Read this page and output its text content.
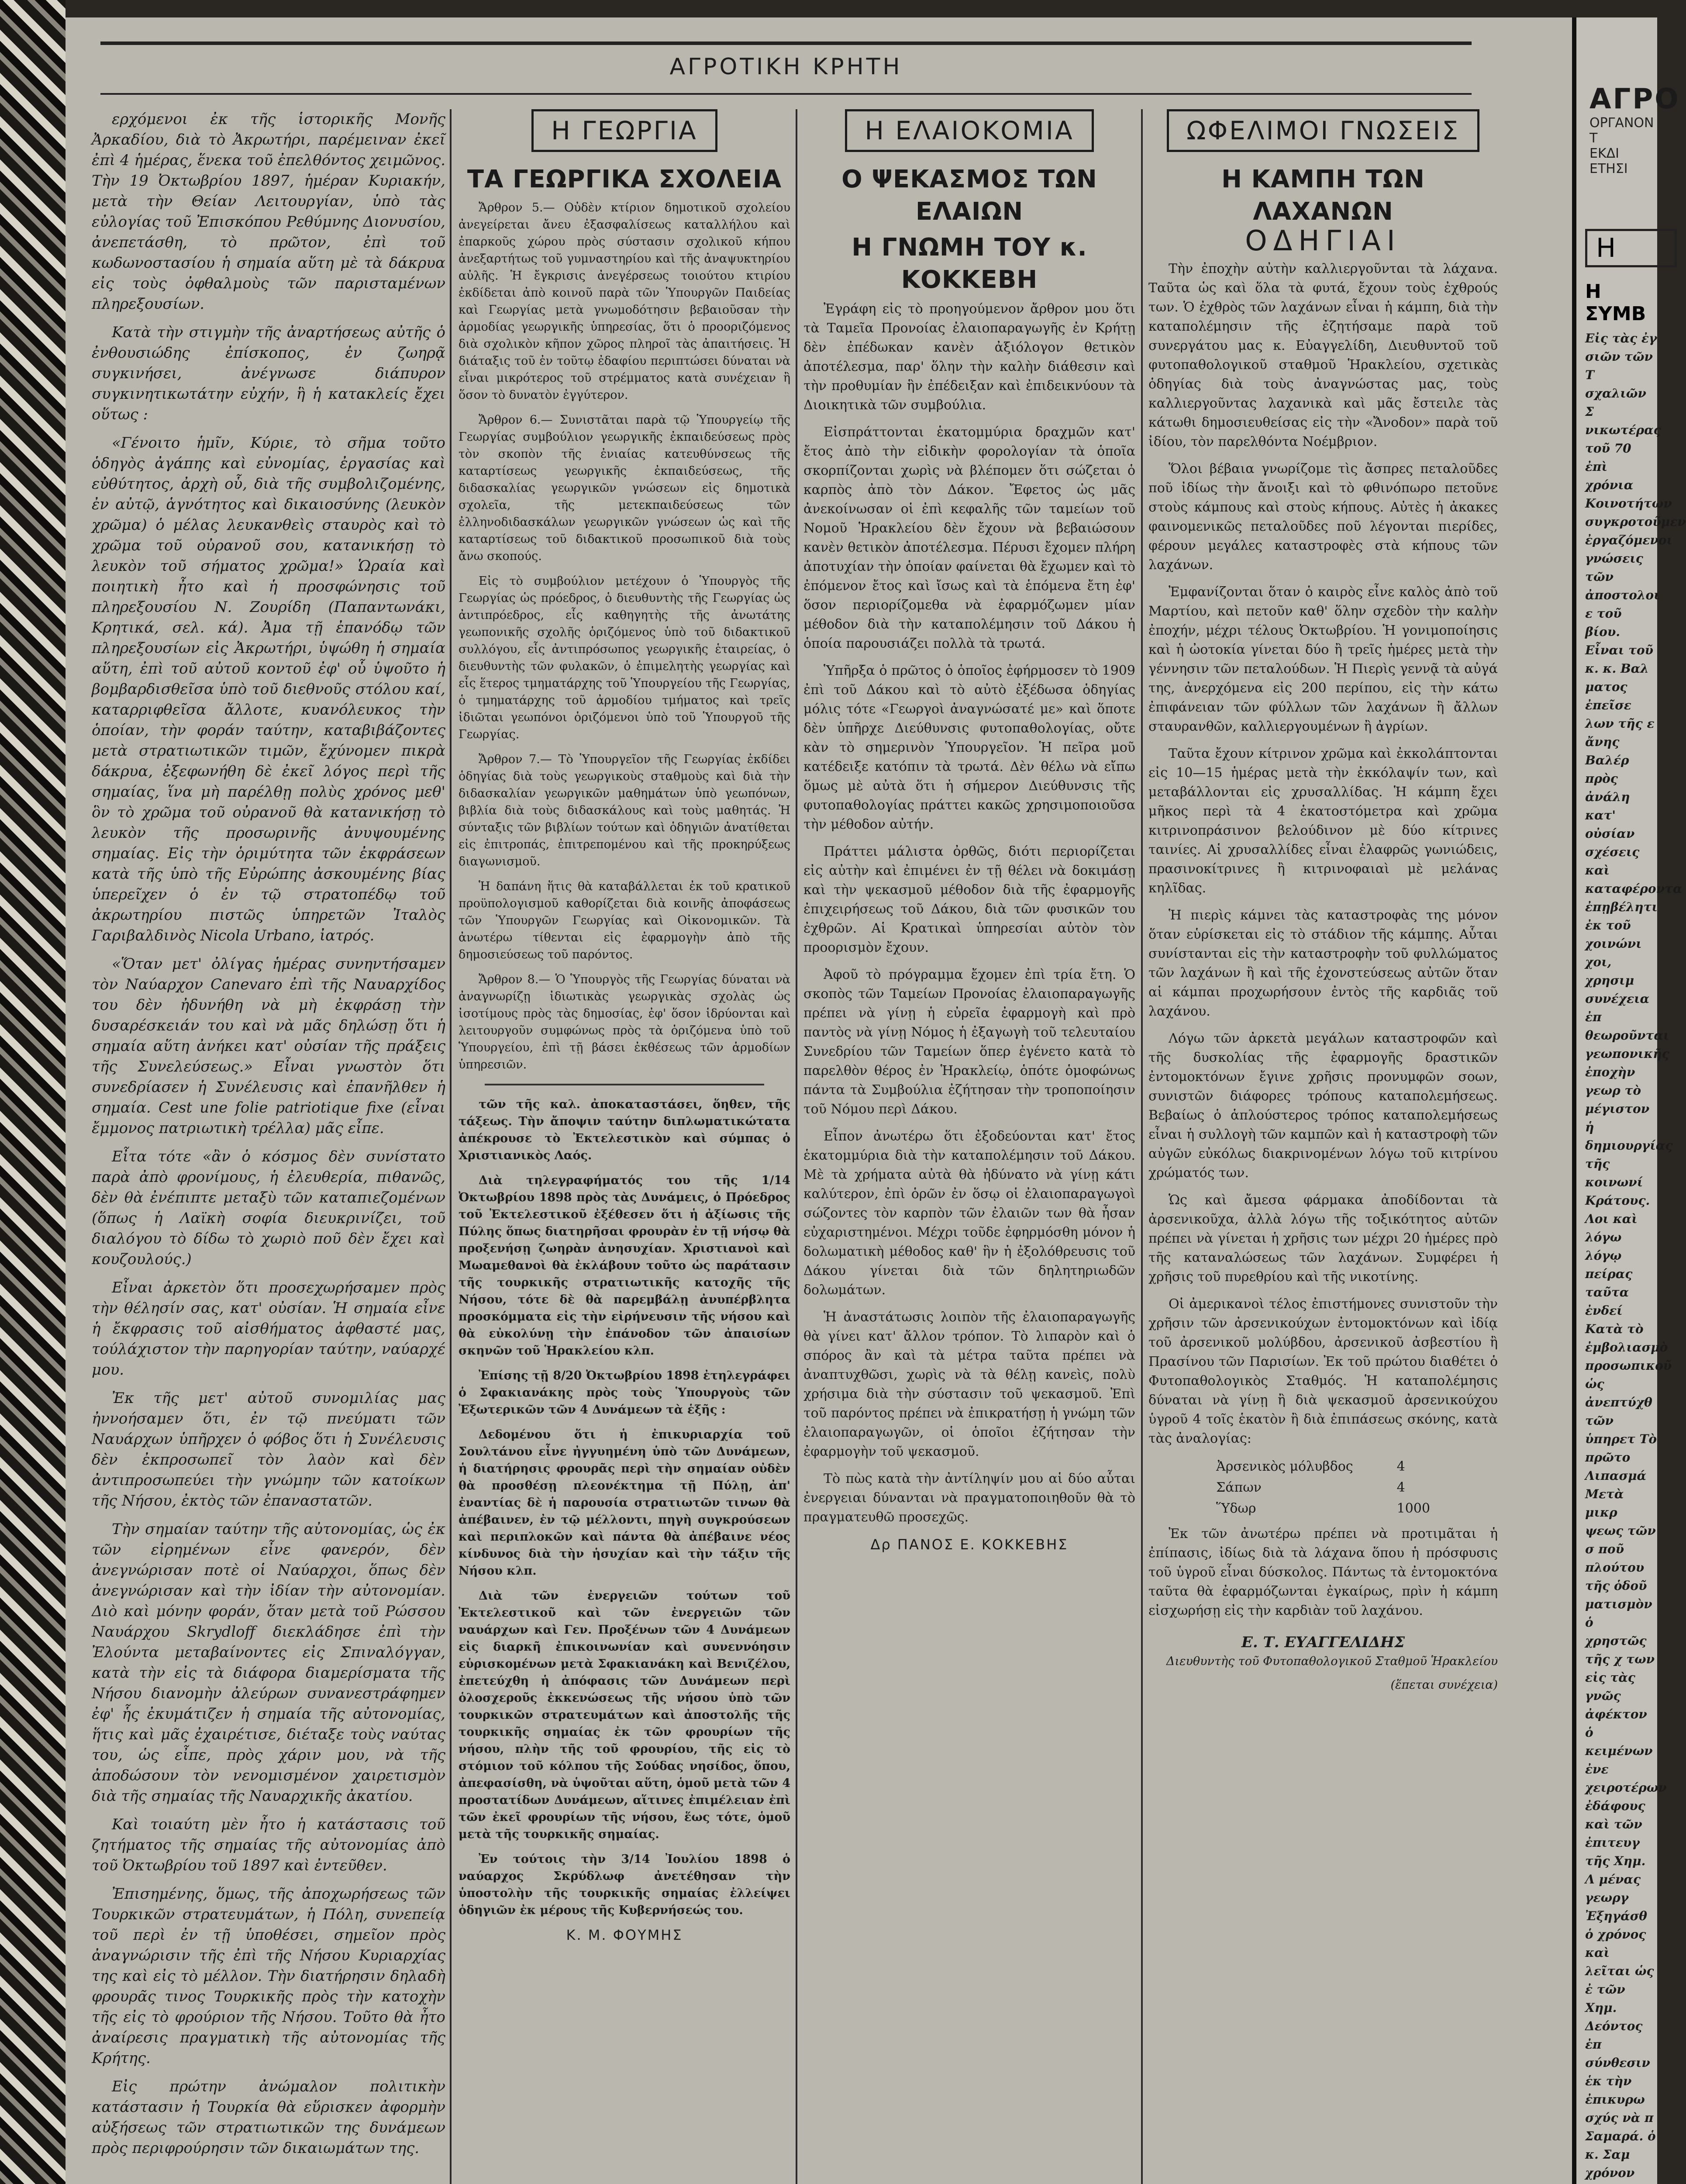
ΑΓΡΟΤΙΚΗ ΚΡΗΤΗ

ερχόμενοι ἐκ τῆς ἱστορικῆς Μονῆς Ἀρκαδίου, διὰ τὸ Ἀκρωτήρι, παρέμειναν ἐκεῖ ἐπὶ 4 ἡμέρας, ἕνεκα τοῦ ἐπελθόντος χειμῶνος. Τὴν 19 Ὀκτωβρίου 1897, ἡμέραν Κυριακήν, μετὰ τὴν Θείαν Λειτουργίαν, ὑπὸ τὰς εὐλογίας τοῦ Ἐπισκόπου Ρεθύμνης Διονυσίου, ἀνεπετάσθη, τὸ πρῶτον, ἐπὶ τοῦ κωδωνοστασίου ἡ σημαία αὕτη μὲ τὰ δάκρυα εἰς τοὺς ὀφθαλμοὺς τῶν παρισταμένων πληρεξουσίων.

Κατὰ τὴν στιγμὴν τῆς ἀναρτήσεως αὐτῆς ὁ ἐνθουσιώδης ἐπίσκοπος, ἐν ζωηρᾷ συγκινήσει, ἀνέγνωσε διάπυρον συγκινητικωτάτην εὐχήν, ἣ ἡ κατακλείς ἔχει οὕτως :

«Γένοιτο ἡμῖν, Κύριε, τὸ σῆμα τοῦτο ὁδηγὸς ἀγάπης καὶ εὐνομίας, ἐργασίας καὶ εὐθύτητος, ἀρχὴ οὗ, διὰ τῆς συμβολιζομένης, ἐν αὐτῷ, ἁγνότητος καὶ δικαιοσύνης (λευκὸν χρῶμα) ὁ μέλας λευκανθεὶς σταυρὸς καὶ τὸ χρῶμα τοῦ οὐρανοῦ σου, κατανικήσῃ τὸ λευκὸν τοῦ σήματος χρῶμα!» Ὡραία καὶ ποιητικὴ ἦτο καὶ ἡ προσφώνησις τοῦ πληρεξουσίου Ν. Ζουρίδη (Παπαντωνάκι, Κρητικά, σελ. κά). Ἀμα τῇ ἐπανόδῳ τῶν πληρεξουσίων εἰς Ἀκρωτήρι, ὑψώθη ἡ σημαία αὕτη, ἐπὶ τοῦ αὐτοῦ κοντοῦ ἐφ' οὗ ὑψοῦτο ἡ βομβαρδισθεῖσα ὑπὸ τοῦ διεθνοῦς στόλου καί, καταρριφθεῖσα ἄλλοτε, κυανόλευκος τὴν ὁποίαν, τὴν φοράν ταύτην, καταβιβάζοντες μετὰ στρατιωτικῶν τιμῶν, ἔχύνομεν πικρὰ δάκρυα, ἐξεφωνήθη δὲ ἐκεῖ λόγος περὶ τῆς σημαίας, ἵνα μὴ παρέλθῃ πολὺς χρόνος μεθ' ὃν τὸ χρῶμα τοῦ οὐρανοῦ θὰ κατανικήσῃ τὸ λευκὸν τῆς προσωρινῆς ἀνυψουμένης σημαίας. Εἰς τὴν ὁριμύτητα τῶν ἐκφράσεων κατὰ τῆς ὑπὸ τῆς Εὐρώπης ἀσκουμένης βίας ὑπερεῖχεν ὁ ἐν τῷ στρατοπέδῳ τοῦ ἀκρωτηρίου πιστῶς ὑπηρετῶν Ἰταλὸς Γαριβαλδινὸς Nicola Urbano, ἰατρός.

«Ὅταν μετ' ὀλίγας ἡμέρας συνηντήσαμεν τὸν Ναύαρχον Canevaro ἐπὶ τῆς Ναυαρχίδος του δὲν ἠδυνήθη νὰ μὴ ἐκφράσῃ τὴν δυσαρέσκειάν του καὶ νὰ μᾶς δηλώσῃ ὅτι ἡ σημαία αὕτη ἀνήκει κατ' οὐσίαν τῆς πράξεις τῆς Συνελεύσεως.» Εἶναι γνωστὸν ὅτι συνεδρίασεν ἡ Συνέλευσις καὶ ἐπανῆλθεν ἡ σημαία. Cest une folie patriotique fixe (εἶναι ἔμμονος πατριωτικὴ τρέλλα) μᾶς εἶπε.

Εἶτα τότε «ἂν ὁ κόσμος δὲν συνίστατο παρὰ ἀπὸ φρονίμους, ἡ ἐλευθερία, πιθανῶς, δὲν θὰ ἐνέπιπτε μεταξὺ τῶν καταπιεζομένων (ὅπως ἡ Λαϊκὴ σοφία διευκρινίζει, τοῦ διαλόγου τὸ δίδω τὸ χωριὸ ποῦ δὲν ἔχει καὶ κουζουλούς.)

Εἶναι ἀρκετὸν ὅτι προσεχωρήσαμεν πρὸς τὴν θέλησίν σας, κατ' οὐσίαν. Ἡ σημαία εἶνε ἡ ἔκφρασις τοῦ αἰσθήματος ἀφθαστέ μας, τούλάχιστον τὴν παρηγορίαν ταύτην, ναύαρχέ μου.

Ἐκ τῆς μετ' αὐτοῦ συνομιλίας μας ἠννοήσαμεν ὅτι, ἐν τῷ πνεύματι τῶν Ναυάρχων ὑπῆρχεν ὁ φόβος ὅτι ἡ Συνέλευσις δὲν ἐκπροσωπεῖ τὸν λαὸν καὶ δὲν ἀντιπροσωπεύει τὴν γνώμην τῶν κατοίκων τῆς Νήσου, ἐκτὸς τῶν ἐπαναστατῶν.

Τὴν σημαίαν ταύτην τῆς αὐτονομίας, ὡς ἐκ τῶν εἰρημένων εἶνε φανερόν, δὲν ἀνεγνώρισαν ποτὲ οἱ Ναύαρχοι, ὅπως δὲν ἀνεγνώρισαν καὶ τὴν ἰδίαν τὴν αὐτονομίαν. Διὸ καὶ μόνην φοράν, ὅταν μετὰ τοῦ Ρώσσου Ναυάρχου Skrydloff διεκλάδησε ἐπὶ τὴν Ἐλούντα μεταβαίνοντες εἰς Σπιναλόγγαν, κατὰ τὴν εἰς τὰ διάφορα διαμερίσματα τῆς Νήσου διανομὴν ἀλεύρων συνανεστράφημεν ἐφ' ἧς ἐκυμάτιζεν ἡ σημαία τῆς αὐτονομίας, ἥτις καὶ μᾶς ἐχαιρέτισε, διέταξε τοὺς ναύτας του, ὡς εἶπε, πρὸς χάριν μου, νὰ τῆς ἀποδώσουν τὸν νενομισμένον χαιρετισμὸν διὰ τῆς σημαίας τῆς Ναυαρχικῆς ἀκατίου.

Καὶ τοιαύτη μὲν ἦτο ἡ κατάστασις τοῦ ζητήματος τῆς σημαίας τῆς αὐτονομίας ἀπὸ τοῦ Ὀκτωβρίου τοῦ 1897 καὶ ἐντεῦθεν.

Ἐπισημένης, ὅμως, τῆς ἀποχωρήσεως τῶν Τουρκικῶν στρατευμάτων, ἡ Πόλη, συνεπείᾳ τοῦ περὶ ἐν τῇ ὑποθέσει, σημεῖον πρὸς ἀναγνώρισιν τῆς ἐπὶ τῆς Νήσου Κυριαρχίας της καὶ εἰς τὸ μέλλον. Τὴν διατήρησιν δηλαδὴ φρουρᾶς τινος Τουρκικῆς πρὸς τὴν κατοχὴν τῆς εἰς τὸ φρούριον τῆς Νήσου. Τοῦτο θὰ ἦτο ἀναίρεσις πραγματικὴ τῆς αὐτονομίας τῆς Κρήτης.

Εἰς πρώτην ἀνώμαλον πολιτικὴν κατάστασιν ἡ Τουρκία θὰ εὕρισκεν ἀφορμὴν αὐξήσεως τῶν στρατιωτικῶν της δυνάμεων πρὸς περιφρούρησιν τῶν δικαιωμάτων της.

Η ΓΕΩΡΓΙΑ
ΤΑ ΓΕΩΡΓΙΚΑ ΣΧΟΛΕΙΑ

Ἄρθρον 5.— Οὐδὲν κτίριον δημοτικοῦ σχολείου ἀνεγείρεται ἄνευ ἐξασφαλίσεως καταλλήλου καὶ ἐπαρκοῦς χώρου πρὸς σύστασιν σχολικοῦ κήπου ἀνεξαρτήτως τοῦ γυμναστηρίου καὶ τῆς ἀναψυκτηρίου αὐλῆς. Ἡ ἔγκρισις ἀνεγέρσεως τοιούτου κτιρίου ἐκδίδεται ἀπὸ κοινοῦ παρὰ τῶν Ὑπουργῶν Παιδείας καὶ Γεωργίας μετὰ γνωμοδότησιν βεβαιοῦσαν τὴν ἀρμοδίας γεωργικῆς ὑπηρεσίας, ὅτι ὁ προοριζόμενος διὰ σχολικὸν κῆπον χῶρος πληροῖ τὰς ἀπαιτήσεις. Ἡ διάταξις τοῦ ἐν τοῦτῳ ἐδαφίου περιπτώσει δύναται νὰ εἶναι μικρότερος τοῦ στρέμματος κατὰ συνέχειαν ἢ ὅσον τὸ δυνατὸν ἐγγύτερον.

Ἄρθρον 6.— Συνιστᾶται παρὰ τῷ Ὑπουργείῳ τῆς Γεωργίας συμβούλιον γεωργικῆς ἐκπαιδεύσεως πρὸς τὸν σκοπὸν τῆς ἐνιαίας κατευθύνσεως τῆς καταρτίσεως γεωργικῆς ἐκπαιδεύσεως, τῆς διδασκαλίας γεωργικῶν γνώσεων εἰς δημοτικὰ σχολεῖα, τῆς μετεκπαιδεύσεως τῶν ἐλληνοδιδασκάλων γεωργικῶν γνώσεων ὡς καὶ τῆς καταρτίσεως τοῦ διδακτικοῦ προσωπικοῦ διὰ τοὺς ἄνω σκοπούς.

Εἰς τὸ συμβούλιον μετέχουν ὁ Ὑπουργὸς τῆς Γεωργίας ὡς πρόεδρος, ὁ διευθυντὴς τῆς Γεωργίας ὡς ἀντιπρόεδρος, εἷς καθηγητὴς τῆς ἀνωτάτης γεωπονικῆς σχολῆς ὁριζόμενος ὑπὸ τοῦ διδακτικοῦ συλλόγου, εἷς ἀντιπρόσωπος γεωργικῆς ἑταιρείας, ὁ διευθυντὴς τῶν φυλακῶν, ὁ ἐπιμελητὴς γεωργίας καὶ εἷς ἕτερος τμηματάρχης τοῦ Ὑπουργείου τῆς Γεωργίας, ὁ τμηματάρχης τοῦ ἀρμοδίου τμήματος καὶ τρεῖς ἰδιῶται γεωπόνοι ὁριζόμενοι ὑπὸ τοῦ Ὑπουργοῦ τῆς Γεωργίας.

Ἄρθρον 7.— Τὸ Ὑπουργεῖον τῆς Γεωργίας ἐκδίδει ὁδηγίας διὰ τοὺς γεωργικοὺς σταθμοὺς καὶ διὰ τὴν διδασκαλίαν γεωργικῶν μαθημάτων ὑπὸ γεωπόνων, βιβλία διὰ τοὺς διδασκάλους καὶ τοὺς μαθητάς. Ἡ σύνταξις τῶν βιβλίων τούτων καὶ ὁδηγιῶν ἀνατίθεται εἰς ἐπιτροπάς, ἐπιτρεπομένου καὶ τῆς προκηρύξεως διαγωνισμοῦ.

Ἡ δαπάνη ἥτις θὰ καταβάλλεται ἐκ τοῦ κρατικοῦ προϋπολογισμοῦ καθορίζεται διὰ κοινῆς ἀποφάσεως τῶν Ὑπουργῶν Γεωργίας καὶ Οἰκονομικῶν. Τὰ ἀνωτέρω τίθενται εἰς ἐφαρμογὴν ἀπὸ τῆς δημοσιεύσεως τοῦ παρόντος.

Ἄρθρον 8.— Ὁ Ὑπουργὸς τῆς Γεωργίας δύναται νὰ ἀναγνωρίζῃ ἰδιωτικὰς γεωργικὰς σχολὰς ὡς ἰσοτίμους πρὸς τὰς δημοσίας, ἐφ' ὅσον ἱδρύονται καὶ λειτουργοῦν συμφώνως πρὸς τὰ ὁριζόμενα ὑπὸ τοῦ Ὑπουργείου, ἐπὶ τῇ βάσει ἐκθέσεως τῶν ἁρμοδίων ὑπηρεσιῶν.

τῶν τῆς καλ. ἀποκαταστάσει, ὅηθεν, τῆς τάξεως. Τὴν ἄποψιν ταύτην διπλωματικώτατα ἀπέκρουσε τὸ Ἐκτελεστικὸν καὶ σύμπας ὁ Χριστιανικὸς Λαός.

Διὰ τηλεγραφήματός του τῆς 1/14 Ὀκτωβρίου 1898 πρὸς τὰς Δυνάμεις, ὁ Πρόεδρος τοῦ Ἐκτελεστικοῦ ἐξέθεσεν ὅτι ἡ ἀξίωσις τῆς Πύλης ὅπως διατηρῆσαι φρουρὰν ἐν τῇ νήσῳ θὰ προξενήσῃ ζωηρὰν ἀνησυχίαν. Χριστιανοὶ καὶ Μωαμεθανοὶ θὰ ἐκλάβουν τοῦτο ὡς παράτασιν τῆς τουρκικῆς στρατιωτικῆς κατοχῆς τῆς Νήσου, τότε δὲ θὰ παρεμβάλῃ ἀνυπέρβλητα προσκόμματα εἰς τὴν εἰρήνευσιν τῆς νήσου καὶ θὰ εὐκολύνῃ τὴν ἐπάνοδον τῶν ἀπαισίων σκηνῶν τοῦ Ἡρακλείου κλπ.

Ἐπίσης τῇ 8/20 Ὀκτωβρίου 1898 ἐτηλεγράφει ὁ Σφακιανάκης πρὸς τοὺς Ὑπουργοὺς τῶν Ἐξωτερικῶν τῶν 4 Δυνάμεων τὰ ἑξῆς :

Δεδομένου ὅτι ἡ ἐπικυριαρχία τοῦ Σουλτάνου εἶνε ἠγγυημένη ὑπὸ τῶν Δυνάμεων, ἡ διατήρησις φρουρᾶς περὶ τὴν σημαίαν οὐδὲν θὰ προσθέσῃ πλεονέκτημα τῇ Πύλῃ, ἀπ' ἐναντίας δὲ ἡ παρουσία στρατιωτῶν τινων θὰ ἀπέβαινεν, ἐν τῷ μέλλοντι, πηγὴ συγκρούσεων καὶ περιπλοκῶν καὶ πάντα θὰ ἀπέβαινε νέος κίνδυνος διὰ τὴν ἡσυχίαν καὶ τὴν τάξιν τῆς Νήσου κλπ.

Διὰ τῶν ἐνεργειῶν τούτων τοῦ Ἐκτελεστικοῦ καὶ τῶν ἐνεργειῶν τῶν ναυάρχων καὶ Γεν. Προξένων τῶν 4 Δυνάμεων εἰς διαρκῆ ἐπικοινωνίαν καὶ συνεννόησιν εὑρισκομένων μετὰ Σφακιανάκη καὶ Βενιζέλου, ἐπετεύχθη ἡ ἀπόφασις τῶν Δυνάμεων περὶ ὁλοσχεροῦς ἐκκενώσεως τῆς νήσου ὑπὸ τῶν τουρκικῶν στρατευμάτων καὶ ἀποστολῆς τῆς τουρκικῆς σημαίας ἐκ τῶν φρουρίων τῆς νήσου, πλὴν τῆς τοῦ φρουρίου, τῆς εἰς τὸ στόμιον τοῦ κόλπου τῆς Σούδας νησίδος, ὅπου, ἀπεφασίσθη, νὰ ὑψοῦται αὕτη, ὁμοῦ μετὰ τῶν 4 προστατίδων Δυνάμεων, αἵτινες ἐπιμέλειαν ἐπὶ τῶν ἐκεῖ φρουρίων τῆς νήσου, ἕως τότε, ὁμοῦ μετὰ τῆς τουρκικῆς σημαίας.

Ἐν τούτοις τὴν 3/14 Ἰουλίου 1898 ὁ ναύαρχος Σκρύδλωφ ἀνετέθησαν τὴν ὑποστολὴν τῆς τουρκικῆς σημαίας ἐλλείψει ὁδηγιῶν ἐκ μέρους τῆς Κυβερνήσεώς του.

Κ. Μ. ΦΟΥΜΗΣ
Η ΕΛΑΙΟΚΟΜΙΑ
Ο ΨΕΚΑΣΜΟΣ ΤΩΝ ΕΛΑΙΩΝ
Η ΓΝΩΜΗ ΤΟΥ κ. ΚΟΚΚΕΒΗ

Ἐγράφη εἰς τὸ προηγούμενον ἄρθρον μου ὅτι τὰ Ταμεῖα Προνοίας ἐλαιοπαραγωγῆς ἐν Κρήτῃ δὲν ἐπέδωκαν κανὲν ἀξιόλογον θετικὸν ἀποτέλεσμα, παρ' ὅλην τὴν καλὴν διάθεσιν καὶ τὴν προθυμίαν ἣν ἐπέδειξαν καὶ ἐπιδεικνύουν τὰ Διοικητικὰ τῶν συμβούλια.

Εἰσπράττονται ἑκατομμύρια δραχμῶν κατ' ἔτος ἀπὸ τὴν εἰδικὴν φορολογίαν τὰ ὁποῖα σκορπίζονται χωρὶς νὰ βλέπομεν ὅτι σώζεται ὁ καρπὸς ἀπὸ τὸν Δάκον. Ἔφετος ὡς μᾶς ἀνεκοίνωσαν οἱ ἐπὶ κεφαλῆς τῶν ταμείων τοῦ Νομοῦ Ἡρακλείου δὲν ἔχουν νὰ βεβαιώσουν κανὲν θετικὸν ἀποτέλεσμα. Πέρυσι ἔχομεν πλήρη ἀποτυχίαν τὴν ὁποίαν φαίνεται θὰ ἔχωμεν καὶ τὸ ἐπόμενον ἔτος καὶ ἴσως καὶ τὰ ἑπόμενα ἔτη ἐφ' ὅσον περιορίζομεθα νὰ ἐφαρμόζωμεν μίαν μέθοδον διὰ τὴν καταπολέμησιν τοῦ Δάκου ἡ ὁποία παρουσιάζει πολλὰ τὰ τρωτά.

Ὑπῆρξα ὁ πρῶτος ὁ ὁποῖος ἐφήρμοσεν τὸ 1909 ἐπὶ τοῦ Δάκου καὶ τὸ αὐτὸ ἐξέδωσα ὁδηγίας μόλις τότε «Γεωργοὶ ἀναγνώσατέ με» καὶ ὅποτε δὲν ὑπῆρχε Διεύθυνσις φυτοπαθολογίας, οὔτε κὰν τὸ σημερινὸν Ὑπουργεῖον. Ἡ πεῖρα μοῦ κατέδειξε κατόπιν τὰ τρωτά. Δὲν θέλω νὰ εἴπω ὅμως μὲ αὐτὰ ὅτι ἡ σήμερον Διεύθυνσις τῆς φυτοπαθολογίας πράττει κακῶς χρησιμοποιοῦσα τὴν μέθοδον αὐτήν.

Πράττει μάλιστα ὀρθῶς, διότι περιορίζεται εἰς αὐτὴν καὶ ἐπιμένει ἐν τῇ θέλει νὰ δοκιμάσῃ καὶ τὴν ψεκασμοῦ μέθοδον διὰ τῆς ἐφαρμογῆς ἐπιχειρήσεως τοῦ Δάκου, διὰ τῶν φυσικῶν του ἐχθρῶν. Αἱ Κρατικαὶ ὑπηρεσίαι αὐτὸν τὸν προορισμὸν ἔχουν.

Ἀφοῦ τὸ πρόγραμμα ἔχομεν ἐπὶ τρία ἔτη. Ὁ σκοπὸς τῶν Ταμείων Προνοίας ἐλαιοπαραγωγῆς πρέπει νὰ γίνῃ ἡ εὐρεῖα ἐφαρμογὴ καὶ πρὸ παντὸς νὰ γίνῃ Νόμος ἡ ἐξαγωγὴ τοῦ τελευταίου Συνεδρίου τῶν Ταμείων ὅπερ ἐγένετο κατὰ τὸ παρελθὸν θέρος ἐν Ἡρακλείῳ, ὁπότε ὁμοφώνως πάντα τὰ Συμβούλια ἐζήτησαν τὴν τροποποίησιν τοῦ Νόμου περὶ Δάκου.

Εἶπον ἀνωτέρω ὅτι ἐξοδεύονται κατ' ἔτος ἑκατομμύρια διὰ τὴν καταπολέμησιν τοῦ Δάκου. Μὲ τὰ χρήματα αὐτὰ θὰ ἠδύνατο νὰ γίνῃ κάτι καλύτερον, ἐπὶ ὁρῶν ἐν ὅσῳ οἱ ἐλαιοπαραγωγοὶ σώζοντες τὸν καρπὸν τῶν ἐλαιῶν των θὰ ἦσαν εὐχαριστημένοι. Μέχρι τοῦδε ἐφηρμόσθη μόνον ἡ δολωματικὴ μέθοδος καθ' ἣν ἡ ἐξολόθρευσις τοῦ Δάκου γίνεται διὰ τῶν δηλητηριωδῶν δολωμάτων.

Ἡ ἀναστάτωσις λοιπὸν τῆς ἐλαιοπαραγωγῆς θὰ γίνει κατ' ἄλλον τρόπον. Τὸ λιπαρὸν καὶ ὁ σπόρος ἂν καὶ τὰ μέτρα ταῦτα πρέπει νὰ ἀναπτυχθῶσι, χωρὶς νὰ τὰ θέλῃ κανεὶς, πολὺ χρήσιμα διὰ τὴν σύστασιν τοῦ ψεκασμοῦ. Ἐπὶ τοῦ παρόντος πρέπει νὰ ἐπικρατήσῃ ἡ γνώμη τῶν ἐλαιοπαραγωγῶν, οἱ ὁποῖοι ἐζήτησαν τὴν ἐφαρμογὴν τοῦ ψεκασμοῦ.

Τὸ πὼς κατὰ τὴν ἀντίληψίν μου αἱ δύο αὗται ἐνεργειαι δύνανται νὰ πραγματοποιηθοῦν θὰ τὸ πραγματευθῶ προσεχῶς.

Δρ ΠΑΝΟΣ Ε. ΚΟΚΚΕΒΗΣ
ΩΦΕΛΙΜΟΙ ΓΝΩΣΕΙΣ
Η ΚΑΜΠΗ ΤΩΝ ΛΑΧΑΝΩΝ
ΟΔΗΓΙΑΙ

Τὴν ἐποχὴν αὐτὴν καλλιεργοῦνται τὰ λάχανα. Ταῦτα ὡς καὶ ὅλα τὰ φυτά, ἔχουν τοὺς ἐχθρούς των. Ὁ ἐχθρὸς τῶν λαχάνων εἶναι ἡ κάμπη, διὰ τὴν καταπολέμησιν τῆς ἐζητήσαμε παρὰ τοῦ συνεργάτου μας κ. Εὐαγγελίδη, Διευθυντοῦ τοῦ φυτοπαθολογικοῦ σταθμοῦ Ἡρακλείου, σχετικὰς ὁδηγίας διὰ τοὺς ἀναγνώστας μας, τοὺς καλλιεργοῦντας λαχανικὰ καὶ μᾶς ἔστειλε τὰς κάτωθι δημοσιευθείσας εἰς τὴν «Ἄνοδον» παρὰ τοῦ ἰδίου, τὸν παρελθόντα Νοέμβριον.

Ὅλοι βέβαια γνωρίζομε τὶς ἄσπρες πεταλοῦδες ποῦ ἰδίως τὴν ἄνοιξι καὶ τὸ φθινόπωρο πετοῦνε στοὺς κάμπους καὶ στοὺς κήπους. Αὐτὲς ἡ ἀκακες φαινομενικῶς πεταλοῦδες ποῦ λέγονται πιερίδες, φέρουν μεγάλες καταστροφὲς στὰ κήπους τῶν λαχάνων.

Ἐμφανίζονται ὅταν ὁ καιρὸς εἶνε καλὸς ἀπὸ τοῦ Μαρτίου, καὶ πετοῦν καθ' ὅλην σχεδὸν τὴν καλὴν ἐποχήν, μέχρι τέλους Ὀκτωβρίου. Ἡ γονιμοποίησις καὶ ἡ ὠοτοκία γίνεται δύο ἢ τρεῖς ἡμέρες μετὰ τὴν γέννησιν τῶν πεταλούδων. Ἡ Πιερὶς γεννᾷ τὰ αὐγά της, ἀνερχόμενα εἰς 200 περίπου, εἰς τὴν κάτω ἐπιφάνειαν τῶν φύλλων τῶν λαχάνων ἢ ἄλλων σταυρανθῶν, καλλιεργουμένων ἢ ἀγρίων.

Ταῦτα ἔχουν κίτρινον χρῶμα καὶ ἐκκολάπτονται εἰς 10—15 ἡμέρας μετὰ τὴν ἐκκόλαψίν των, καὶ μεταβάλλονται εἰς χρυσαλλίδας. Ἡ κάμπη ἔχει μῆκος περὶ τὰ 4 ἑκατοστόμετρα καὶ χρῶμα κιτρινοπράσινον βελούδινον μὲ δύο κίτρινες ταινίες. Αἱ χρυσαλλίδες εἶναι ἐλαφρῶς γωνιώδεις, πρασινοκίτρινες ἢ κιτρινοφαιαὶ μὲ μελάνας κηλῖδας.

Ἡ πιερὶς κάμνει τὰς καταστροφὰς της μόνον ὅταν εὑρίσκεται εἰς τὸ στάδιον τῆς κάμπης. Αὗται συνίστανται εἰς τὴν καταστροφὴν τοῦ φυλλώματος τῶν λαχάνων ἢ καὶ τῆς ἐχονστεύσεως αὐτῶν ὅταν αἱ κάμπαι προχωρήσουν ἐντὸς τῆς καρδιᾶς τοῦ λαχάνου.

Λόγω τῶν ἀρκετὰ μεγάλων καταστροφῶν καὶ τῆς δυσκολίας τῆς ἐφαρμογῆς δραστικῶν ἐντομοκτόνων ἔγινε χρῆσις προνυμφῶν σοων, συνιστῶν διάφορες τρόπους καταπολεμήσεως. Βεβαίως ὁ ἁπλούστερος τρόπος καταπολεμήσεως εἶναι ἡ συλλογὴ τῶν καμπῶν καὶ ἡ καταστροφὴ τῶν αὐγῶν εὐκόλως διακρινομένων λόγω τοῦ κιτρίνου χρώματός των.

Ὡς καὶ ἄμεσα φάρμακα ἀποδίδονται τὰ ἀρσενικοῦχα, ἀλλὰ λόγω τῆς τοξικότητος αὐτῶν πρέπει νὰ γίνεται ἡ χρῆσις των μέχρι 20 ἡμέρες πρὸ τῆς καταναλώσεως τῶν λαχάνων. Συμφέρει ἡ χρῆσις τοῦ πυρεθρίου καὶ τῆς νικοτίνης.

Οἱ ἀμερικανοὶ τέλος ἐπιστήμονες συνιστοῦν τὴν χρῆσιν τῶν ἀρσενικούχων ἐντομοκτόνων καὶ ἰδίᾳ τοῦ ἀρσενικοῦ μολύβδου, ἀρσενικοῦ ἀσβεστίου ἢ Πρασίνου τῶν Παρισίων. Ἐκ τοῦ πρώτου διαθέτει ὁ Φυτοπαθολογικὸς Σταθμός. Ἡ καταπολέμησις δύναται νὰ γίνῃ ἢ διὰ ψεκασμοῦ ἀρσενικούχου ὑγροῦ 4 τοῖς ἑκατὸν ἢ διὰ ἐπιπάσεως σκόνης, κατὰ τὰς ἀναλογίας:

Ἀρσενικὸς μόλυβδος	4
Σάπων	4
Ὕδωρ	1000

Ἐκ τῶν ἀνωτέρω πρέπει νὰ προτιμᾶται ἡ ἐπίπασις, ἰδίως διὰ τὰ λάχανα ὅπου ἡ πρόσφυσις τοῦ ὑγροῦ εἶναι δύσκολος. Πάντως τὰ ἐντομοκτόνα ταῦτα θὰ ἐφαρμόζωνται ἐγκαίρως, πρὶν ἡ κάμπη εἰσχωρήσῃ εἰς τὴν καρδιὰν τοῦ λαχάνου.

Ε. Τ. ΕΥΑΓΓΕΛΙΔΗΣ
Διευθυντὴς τοῦ Φυτοπαθολογικοῦ Σταθμοῦ Ἡρακλείου
(ἕπεται συνέχεια)
ΑΓΡΟ
ΟΡΓΑΝΟΝ Τ
ΕΚΔΙ
ΕΤΗΣΙ
Η
Η ΣΥΜΒ
Εἰς τὰς ἐγ σιῶν τῶν Τ σχαλιῶν Σ νικωτέρας τοῦ 70 ἐπὶ χρόνια Κοινοτήτων συγκροτοῦμεν ἐργαζόμενοι γνώσεις τῶν ἀποστολοι ε τοῦ βίου. Εἶναι τοῦ κ. κ. Βαλ ματος ἐπεῖσε λων τῆς ε ἄνης Βαλέρ πρὸς ἀνάλη κατ' οὐσίαν σχέσεις καὶ καταφέροντα ἐπῃβέλητι ἐκ τοῦ χοινώνι χοι, χρησιμ συνέχεια ἐπ θεωροῦνται γεωπονικῆς ἐποχὴν γεωρ τὸ μέγιστον ἡ δημιουργίας τῆς κοινωνί Κράτους. Λοι καὶ λόγω λόγῳ πείρας ταῦτα ἐνδεί Κατὰ τὸ ἐμβολιασμὸ προσωπικοῦ ὡς ἀνεπτύχθ τῶν ὑπηρετ Τὸ πρῶτο Λιπασμά Μετὰ μικρ ψεως τῶν σ ποῦ πλούτου τῆς ὁδοῦ ματισμὸν ὁ χρηστῶς τῆς χ των εἰς τὰς γνῶς ἀφέκτον ὁ κειμένων ἐνε χειροτέρων ἐδάφους καὶ τῶν ἐπιτευγ τῆς Χημ. Λ μένας γεωργ Ἐξηγάσθ ὁ χρόνος καὶ λεῖται ὡς ἐ τῶν Χημ. Δεόντος ἐπ σύνθεσιν ἑκ τὴν ἐπικυρω σχύς νὰ π Σαμαρά. ὁ κ. Σαμ χρόνον
